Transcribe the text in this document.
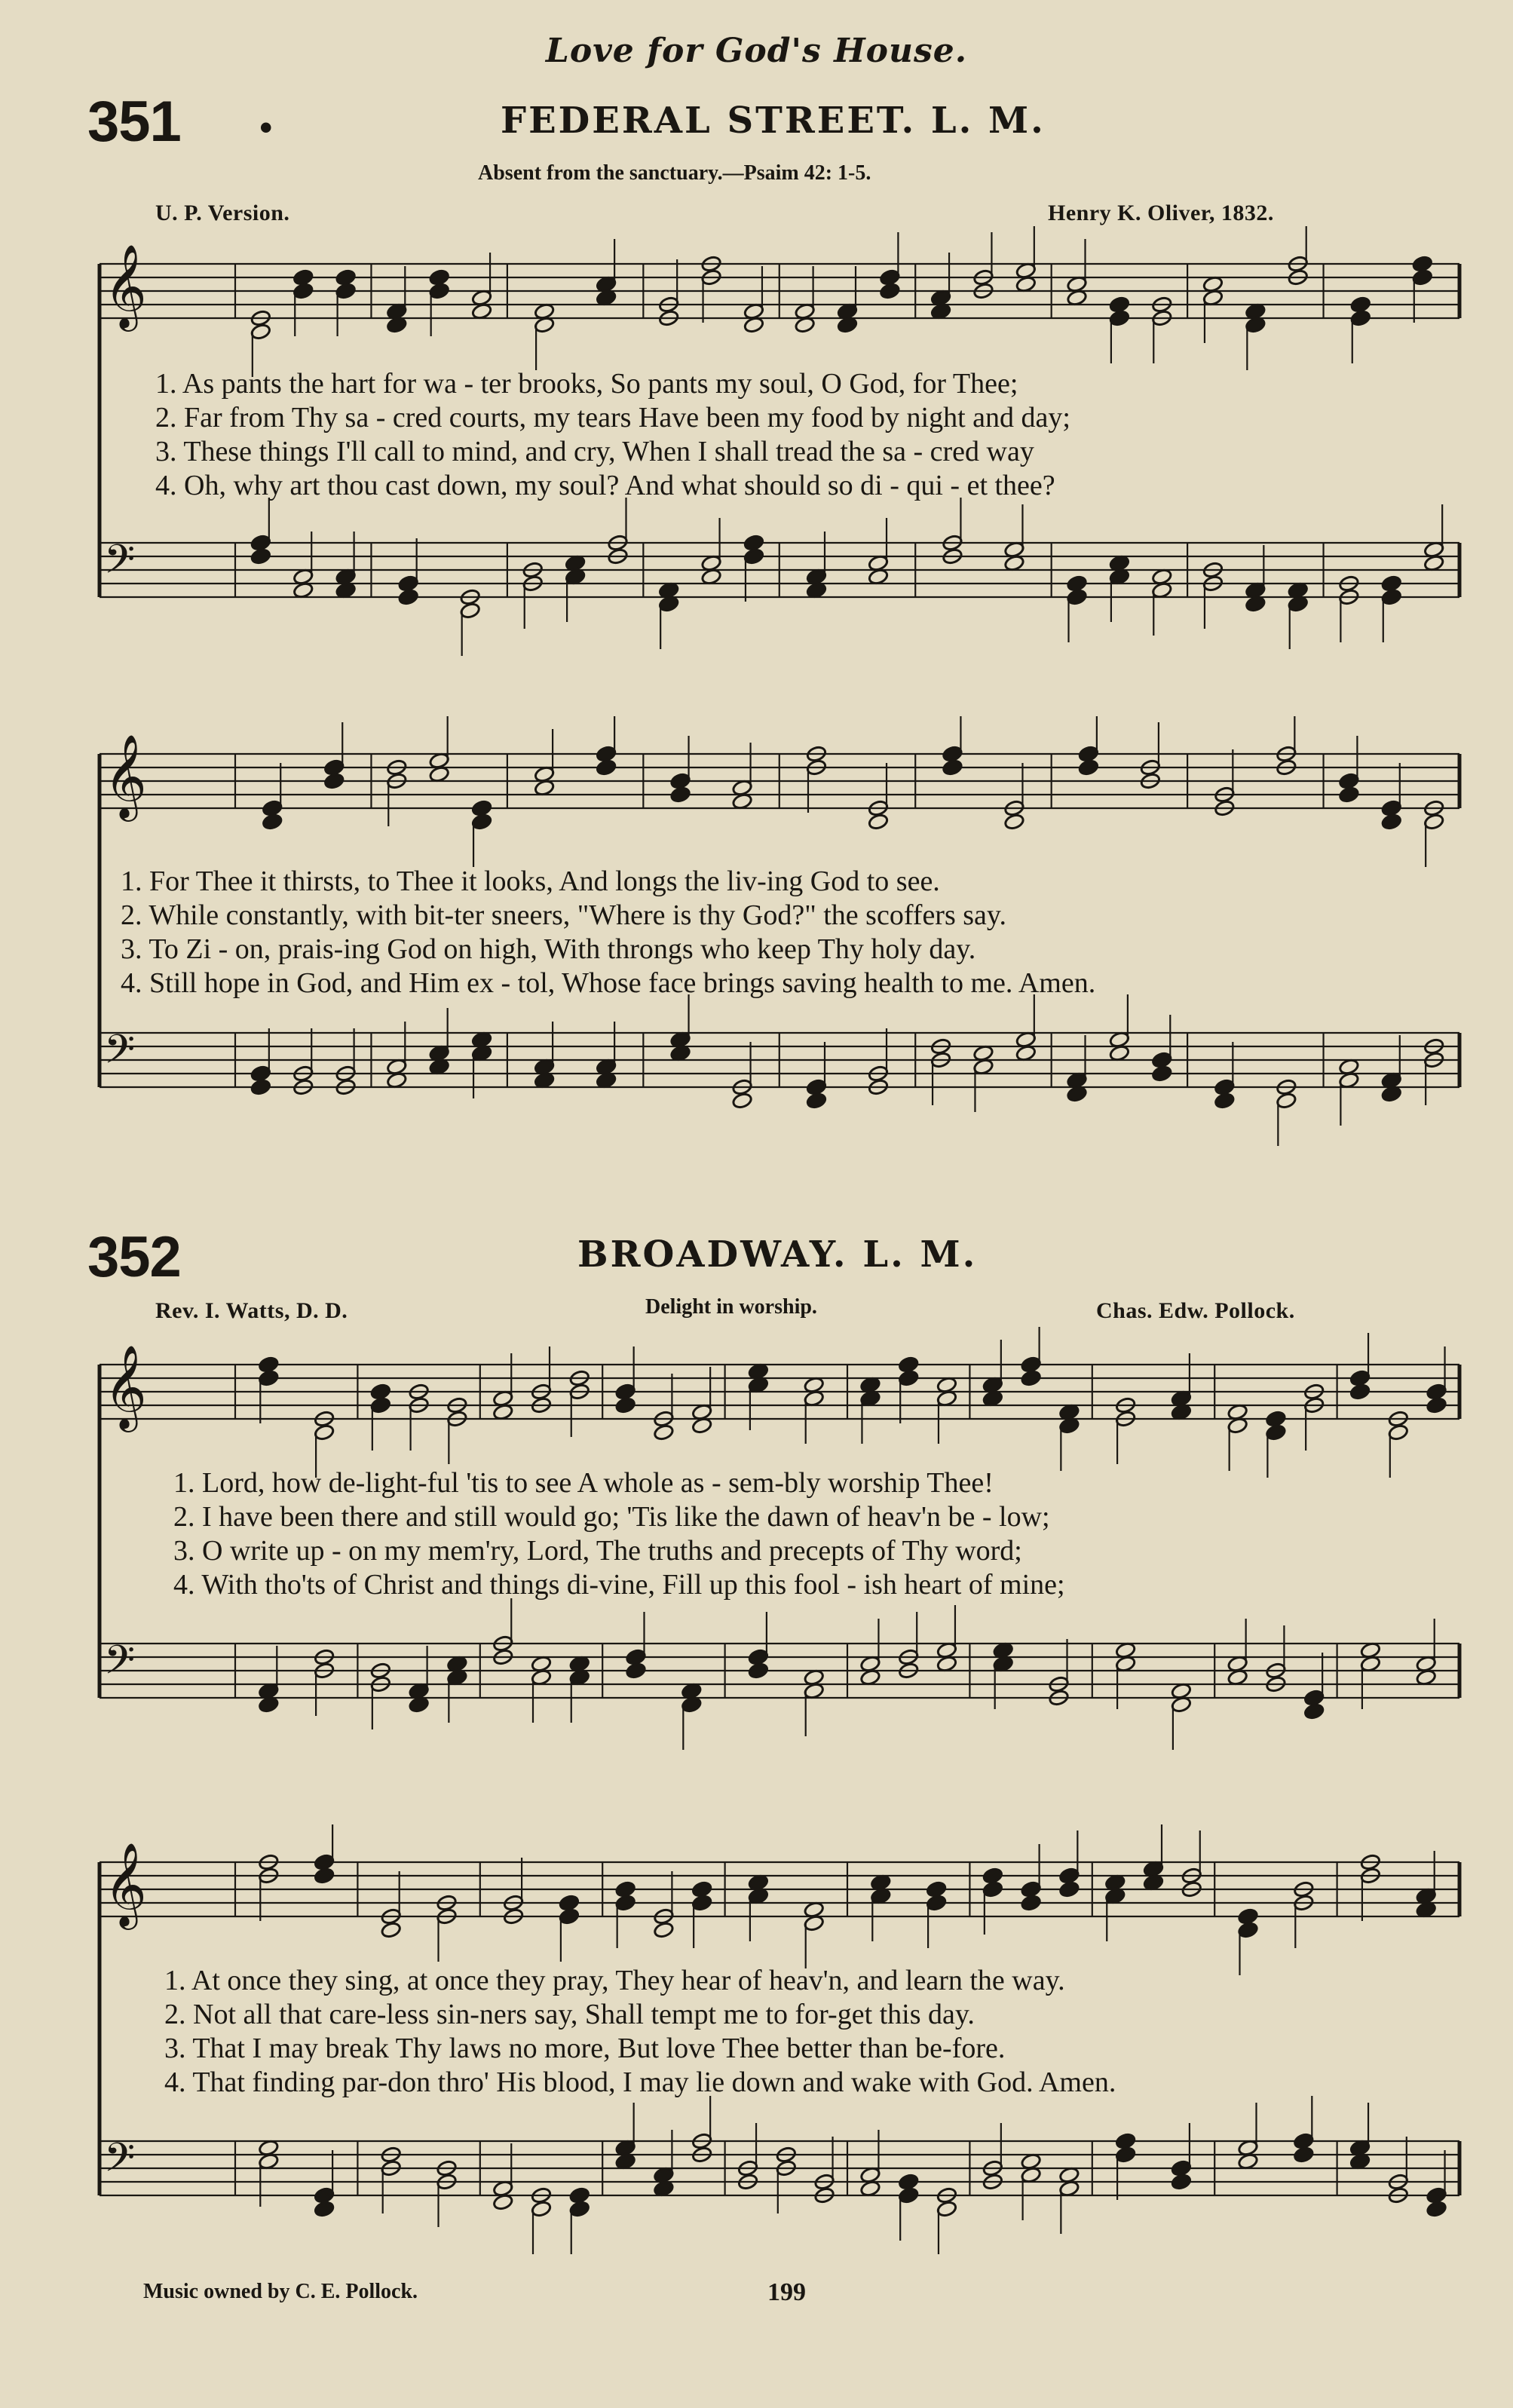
Love for God's House.
351 •	FEDERAL STREET. L. M.
Absent from the sanctuary.—Psaim 42: 1-5.
U. P. Version.	Henry K. Oliver, 1832.
𝄞
𝄢
1. As pants the hart for wa - ter brooks, So pants my soul, O God, for Thee;
2. Far from Thy sa - cred courts, my tears Have been my food by night and day;
3. These things I'll call to mind, and cry, When I shall tread the sa - cred way
4. Oh, why art thou cast down, my soul? And what should so di - qui - et thee?
𝄞
𝄢
1. For Thee it thirsts, to Thee it looks, And longs the liv-ing God to see.
2. While constantly, with bit-ter sneers, "Where is thy God?" the scoffers say.
3. To Zi - on, prais-ing God on high, With throngs who keep Thy holy day.
4. Still hope in God, and Him ex - tol, Whose face brings saving health to me. Amen.
352	BROADWAY. L. M.
Rev. I. Watts, D. D.	Delight in worship.	Chas. Edw. Pollock.
𝄞
𝄢
1. Lord, how de-light-ful 'tis to see A whole as - sem-bly worship Thee!
2. I have been there and still would go; 'Tis like the dawn of heav'n be - low;
3. O write up - on my mem'ry, Lord, The truths and precepts of Thy word;
4. With tho'ts of Christ and things di-vine, Fill up this fool - ish heart of mine;
𝄞
𝄢
1. At once they sing, at once they pray, They hear of heav'n, and learn the way.
2. Not all that care-less sin-ners say, Shall tempt me to for-get this day.
3. That I may break Thy laws no more, But love Thee better than be-fore.
4. That finding par-don thro' His blood, I may lie down and wake with God. Amen.
Music owned by C. E. Pollock.	199
